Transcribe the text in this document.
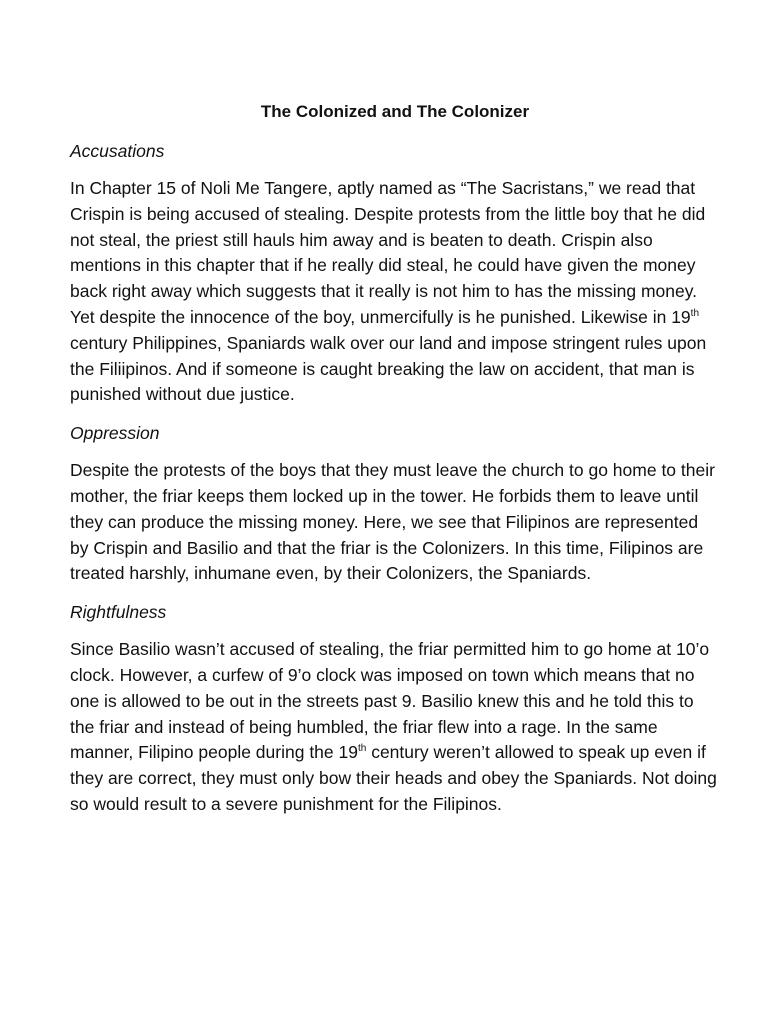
The Colonized and The Colonizer
Accusations

In Chapter 15 of Noli Me Tangere, aptly named as “The Sacristans,” we read that Crispin is being accused of stealing. Despite protests from the little boy that he did not steal, the priest still hauls him away and is beaten to death. Crispin also mentions in this chapter that if he really did steal, he could have given the money back right away which suggests that it really is not him to has the missing money. Yet despite the innocence of the boy, unmercifully is he punished. Likewise in 19th century Philippines, Spaniards walk over our land and impose stringent rules upon the Filiipinos. And if someone is caught breaking the law on accident, that man is punished without due justice.

Oppression

Despite the protests of the boys that they must leave the church to go home to their mother, the friar keeps them locked up in the tower. He forbids them to leave until they can produce the missing money. Here, we see that Filipinos are represented by Crispin and Basilio and that the friar is the Colonizers. In this time, Filipinos are treated harshly, inhumane even, by their Colonizers, the Spaniards.

Rightfulness

Since Basilio wasn’t accused of stealing, the friar permitted him to go home at 10’o clock. However, a curfew of 9’o clock was imposed on town which means that no one is allowed to be out in the streets past 9. Basilio knew this and he told this to the friar and instead of being humbled, the friar flew into a rage. In the same manner, Filipino people during the 19th century weren’t allowed to speak up even if they are correct, they must only bow their heads and obey the Spaniards. Not doing so would result to a severe punishment for the Filipinos.
